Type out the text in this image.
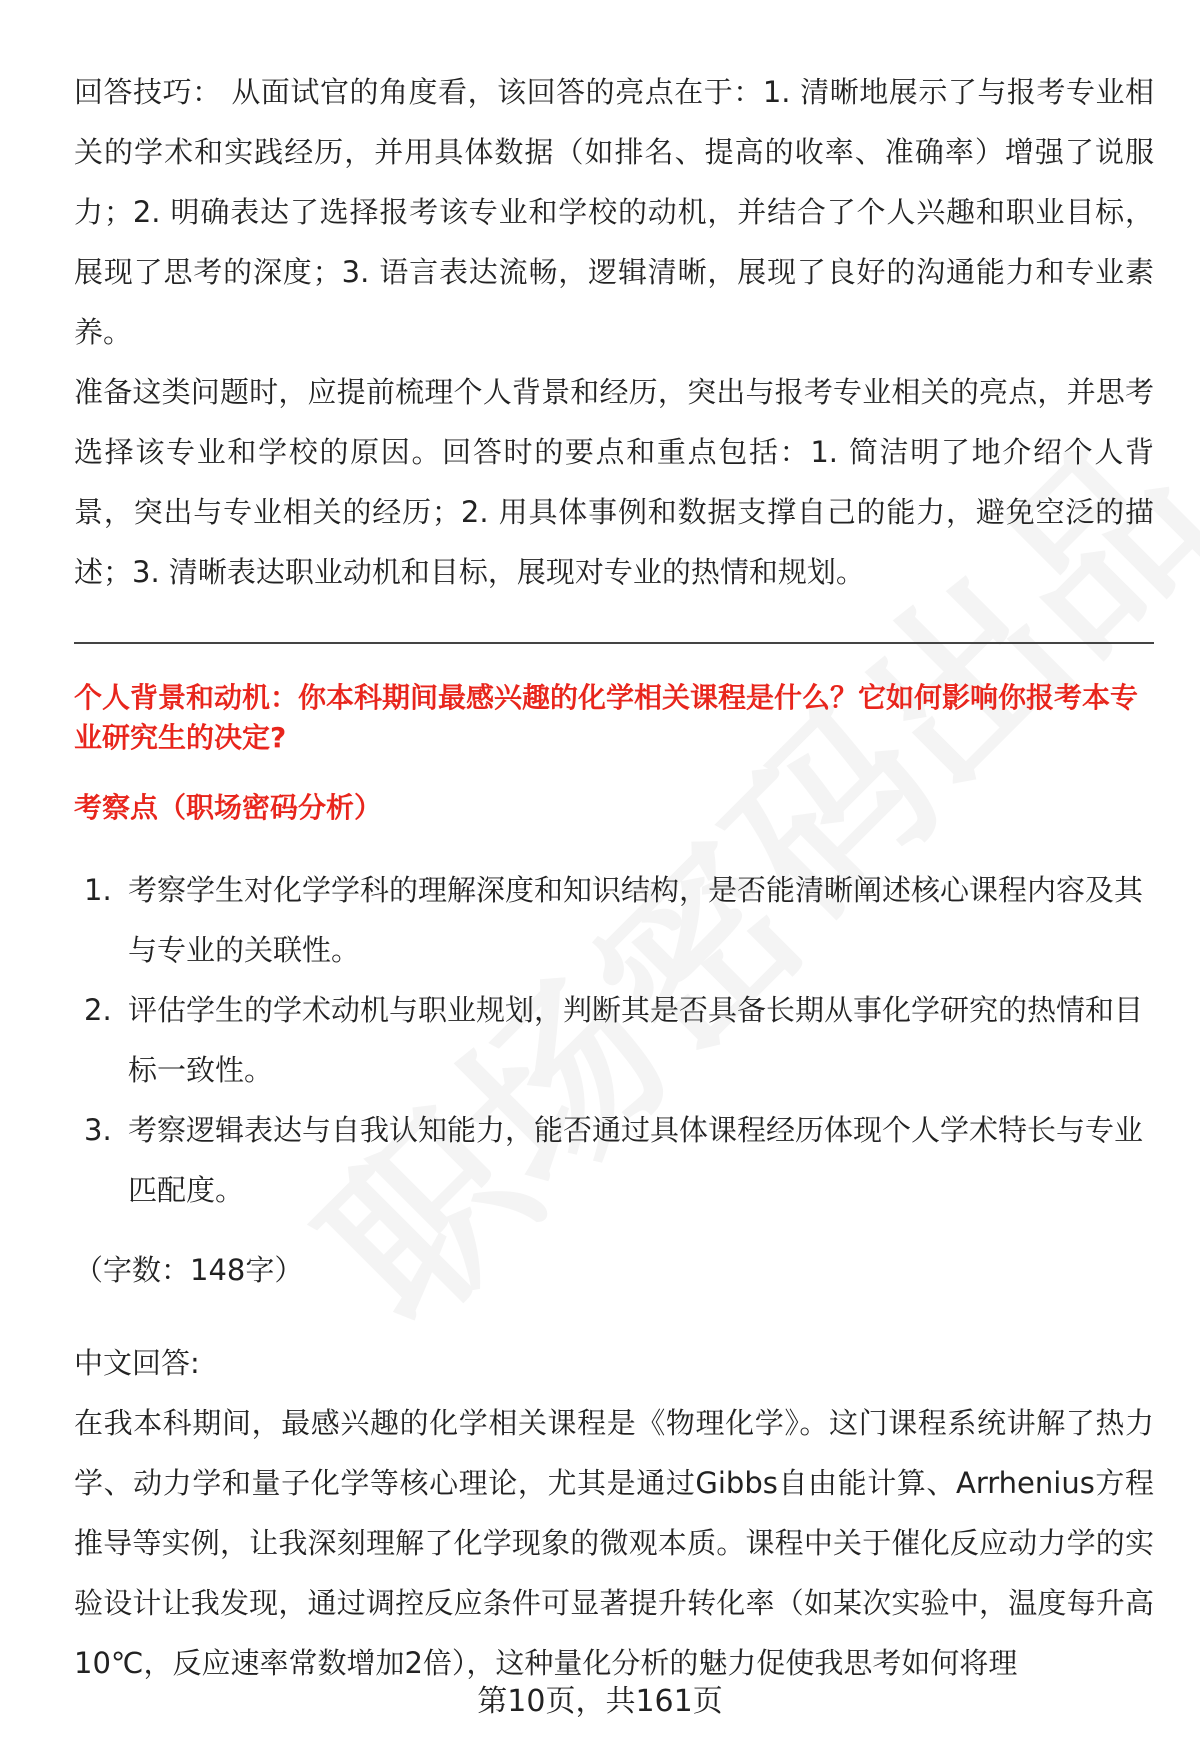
回答技巧： 从面试官的角度看，该回答的亮点在于：1. 清晰地展示了与报考专业相关的学术和实践经历，并用具体数据（如排名、提高的收率、准确率）增强了说服力；2. 明确表达了选择报考该专业和学校的动机，并结合了个人兴趣和职业目标，展现了思考的深度；3. 语言表达流畅，逻辑清晰，展现了良好的沟通能力和专业素养。

准备这类问题时，应提前梳理个人背景和经历，突出与报考专业相关的亮点，并思考选择该专业和学校的原因。回答时的要点和重点包括：1. 简洁明了地介绍个人背景，突出与专业相关的经历；2. 用具体事例和数据支撑自己的能力，避免空泛的描述；3. 清晰表达职业动机和目标，展现对专业的热情和规划。

个人背景和动机：你本科期间最感兴趣的化学相关课程是什么？它如何影响你报考本专业研究生的决定?

考察点（职场密码分析）

1. 考察学生对化学学科的理解深度和知识结构，是否能清晰阐述核心课程内容及其与专业的关联性。
2. 评估学生的学术动机与职业规划，判断其是否具备长期从事化学研究的热情和目标一致性。
3. 考察逻辑表达与自我认知能力，能否通过具体课程经历体现个人学术特长与专业匹配度。
（字数：148字）
中文回答:

在我本科期间，最感兴趣的化学相关课程是《物理化学》。这门课程系统讲解了热力学、动力学和量子化学等核心理论，尤其是通过Gibbs自由能计算、Arrhenius方程推导等实例，让我深刻理解了化学现象的微观本质。课程中关于催化反应动力学的实验设计让我发现，通过调控反应条件可显著提升转化率（如某次实验中，温度每升高10℃，反应速率常数增加2倍），这种量化分析的魅力促使我思考如何将理

第10页，共161页
